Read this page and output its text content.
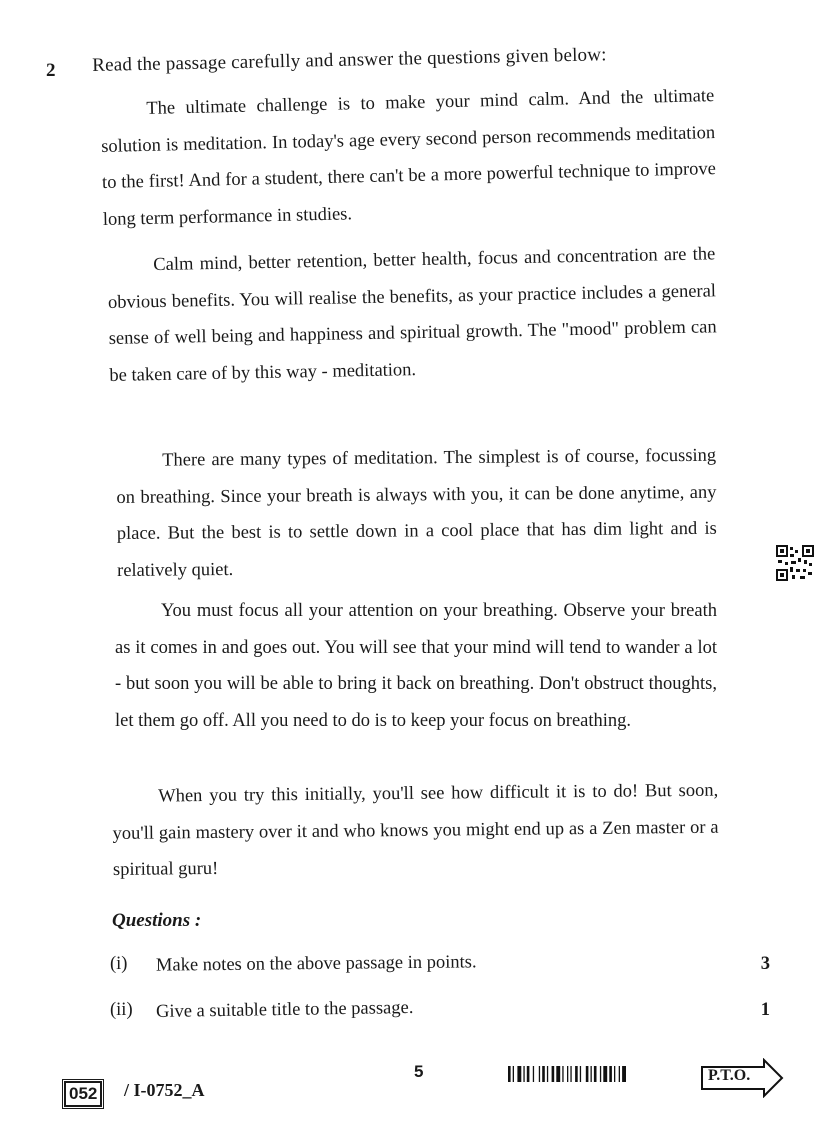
2 Read the passage carefully and answer the questions given below:
The ultimate challenge is to make your mind calm. And the ultimate solution is meditation. In today's age every second person recommends meditation to the first! And for a student, there can't be a more powerful technique to improve long term performance in studies.
Calm mind, better retention, better health, focus and concentration are the obvious benefits. You will realise the benefits, as your practice includes a general sense of well being and happiness and spiritual growth. The "mood" problem can be taken care of by this way - meditation.
There are many types of meditation. The simplest is of course, focussing on breathing. Since your breath is always with you, it can be done anytime, any place. But the best is to settle down in a cool place that has dim light and is relatively quiet.
You must focus all your attention on your breathing. Observe your breath as it comes in and goes out. You will see that your mind will tend to wander a lot - but soon you will be able to bring it back on breathing. Don't obstruct thoughts, let them go off. All you need to do is to keep your focus on breathing.
When you try this initially, you'll see how difficult it is to do! But soon, you'll gain mastery over it and who knows you might end up as a Zen master or a spiritual guru!
Questions :
(i) Make notes on the above passage in points.	3
(ii) Give a suitable title to the passage.	1
5
052 / I-0752_A
P.T.O.
